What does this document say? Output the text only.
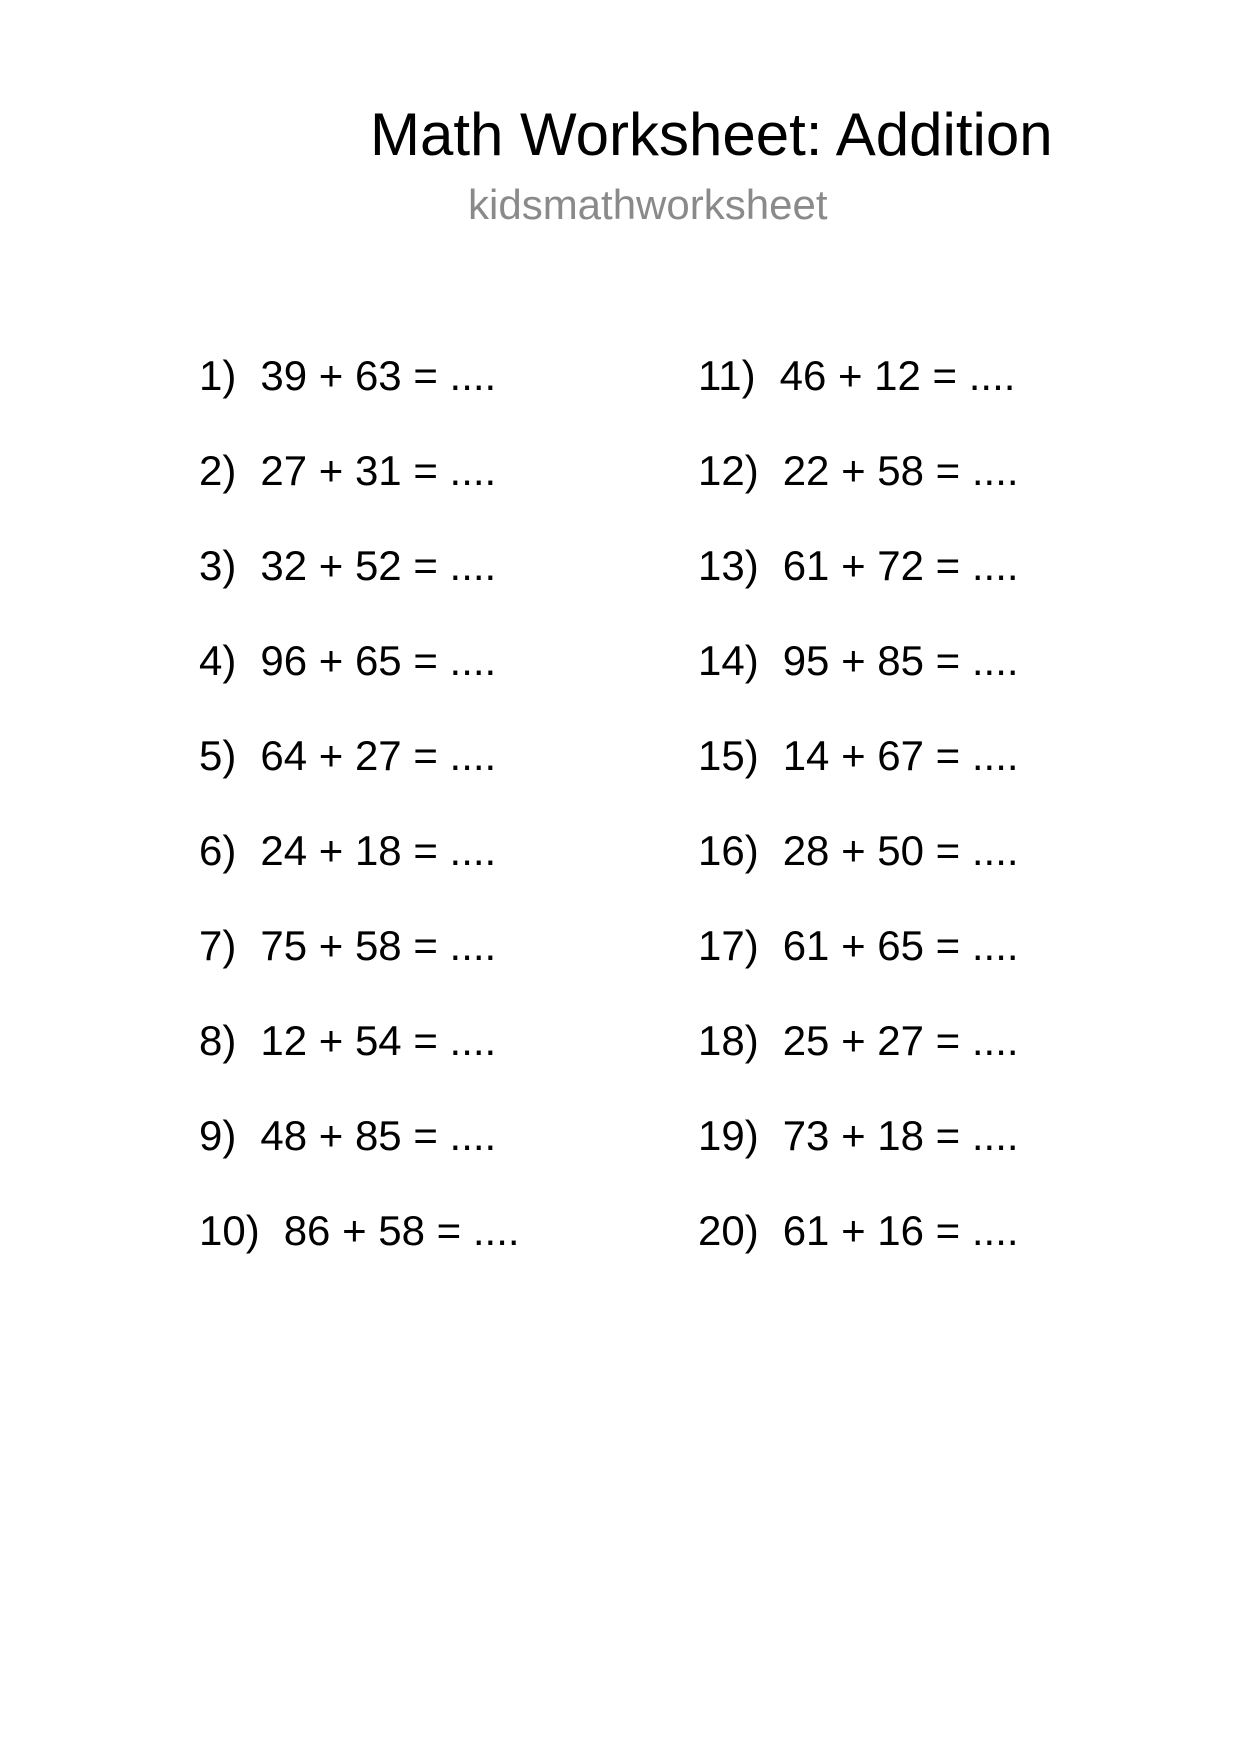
Math Worksheet: Addition
kidsmathworksheet
1) 39 + 63 = ....
2) 27 + 31 = ....
3) 32 + 52 = ....
4) 96 + 65 = ....
5) 64 + 27 = ....
6) 24 + 18 = ....
7) 75 + 58 = ....
8) 12 + 54 = ....
9) 48 + 85 = ....
10) 86 + 58 = ....
11) 46 + 12 = ....
12) 22 + 58 = ....
13) 61 + 72 = ....
14) 95 + 85 = ....
15) 14 + 67 = ....
16) 28 + 50 = ....
17) 61 + 65 = ....
18) 25 + 27 = ....
19) 73 + 18 = ....
20) 61 + 16 = ....
